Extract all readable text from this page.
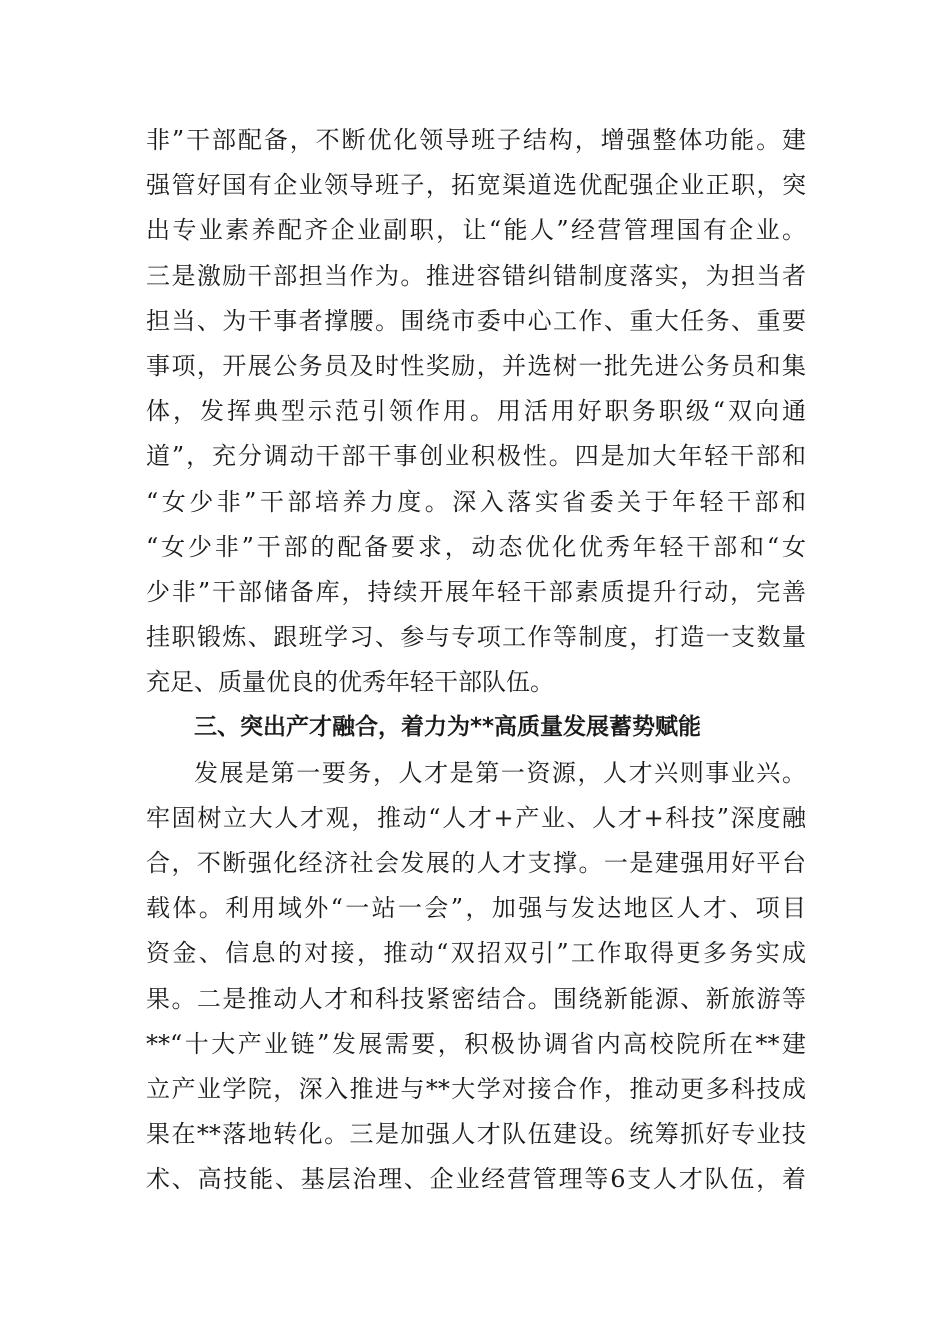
非”干部配备，不断优化领导班子结构，增强整体功能。建
强管好国有企业领导班子，拓宽渠道选优配强企业正职，突
出专业素养配齐企业副职，让“能人”经营管理国有企业。
三是激励干部担当作为。推进容错纠错制度落实，为担当者
担当、为干事者撑腰。围绕市委中心工作、重大任务、重要
事项，开展公务员及时性奖励，并选树一批先进公务员和集
体，发挥典型示范引领作用。用活用好职务职级“双向通
道”，充分调动干部干事创业积极性。四是加大年轻干部和
“女少非”干部培养力度。深入落实省委关于年轻干部和
“女少非”干部的配备要求，动态优化优秀年轻干部和“女
少非”干部储备库，持续开展年轻干部素质提升行动，完善
挂职锻炼、跟班学习、参与专项工作等制度，打造一支数量
充足、质量优良的优秀年轻干部队伍。
三、突出产才融合，着力为**高质量发展蓄势赋能
发展是第一要务，人才是第一资源，人才兴则事业兴。
牢固树立大人才观，推动“人才+产业、人才+科技”深度融
合，不断强化经济社会发展的人才支撑。一是建强用好平台
载体。利用域外“一站一会”，加强与发达地区人才、项目
资金、信息的对接，推动“双招双引”工作取得更多务实成
果。二是推动人才和科技紧密结合。围绕新能源、新旅游等
**“十大产业链”发展需要，积极协调省内高校院所在**建
立产业学院，深入推进与**大学对接合作，推动更多科技成
果在**落地转化。三是加强人才队伍建设。统筹抓好专业技
术、高技能、基层治理、企业经营管理等6支人才队伍，着
